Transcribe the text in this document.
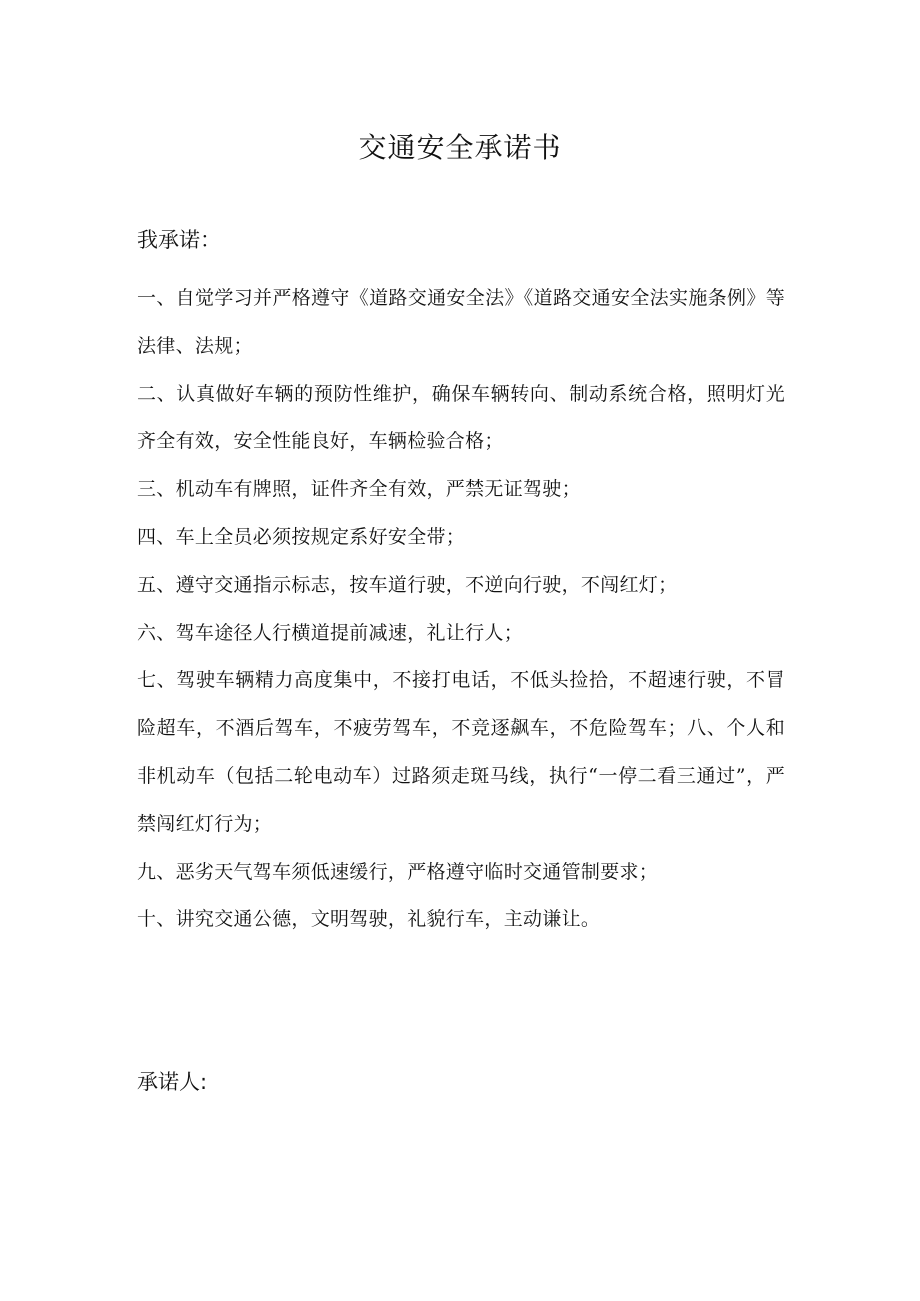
交通安全承诺书

我承诺：

一、自觉学习并严格遵守《道路交通安全法》《道路交通安全法实施条例》等法律、法规；
二、认真做好车辆的预防性维护，确保车辆转向、制动系统合格，照明灯光齐全有效，安全性能良好，车辆检验合格；
三、机动车有牌照，证件齐全有效，严禁无证驾驶；
四、车上全员必须按规定系好安全带；
五、遵守交通指示标志，按车道行驶，不逆向行驶，不闯红灯；
六、驾车途径人行横道提前减速，礼让行人；
七、驾驶车辆精力高度集中，不接打电话，不低头捡拾，不超速行驶，不冒险超车，不酒后驾车，不疲劳驾车，不竞逐飙车，不危险驾车；八、个人和非机动车（包括二轮电动车）过路须走斑马线，执行“一停二看三通过”，严禁闯红灯行为；
九、恶劣天气驾车须低速缓行，严格遵守临时交通管制要求；
十、讲究交通公德，文明驾驶，礼貌行车，主动谦让。

承诺人:
